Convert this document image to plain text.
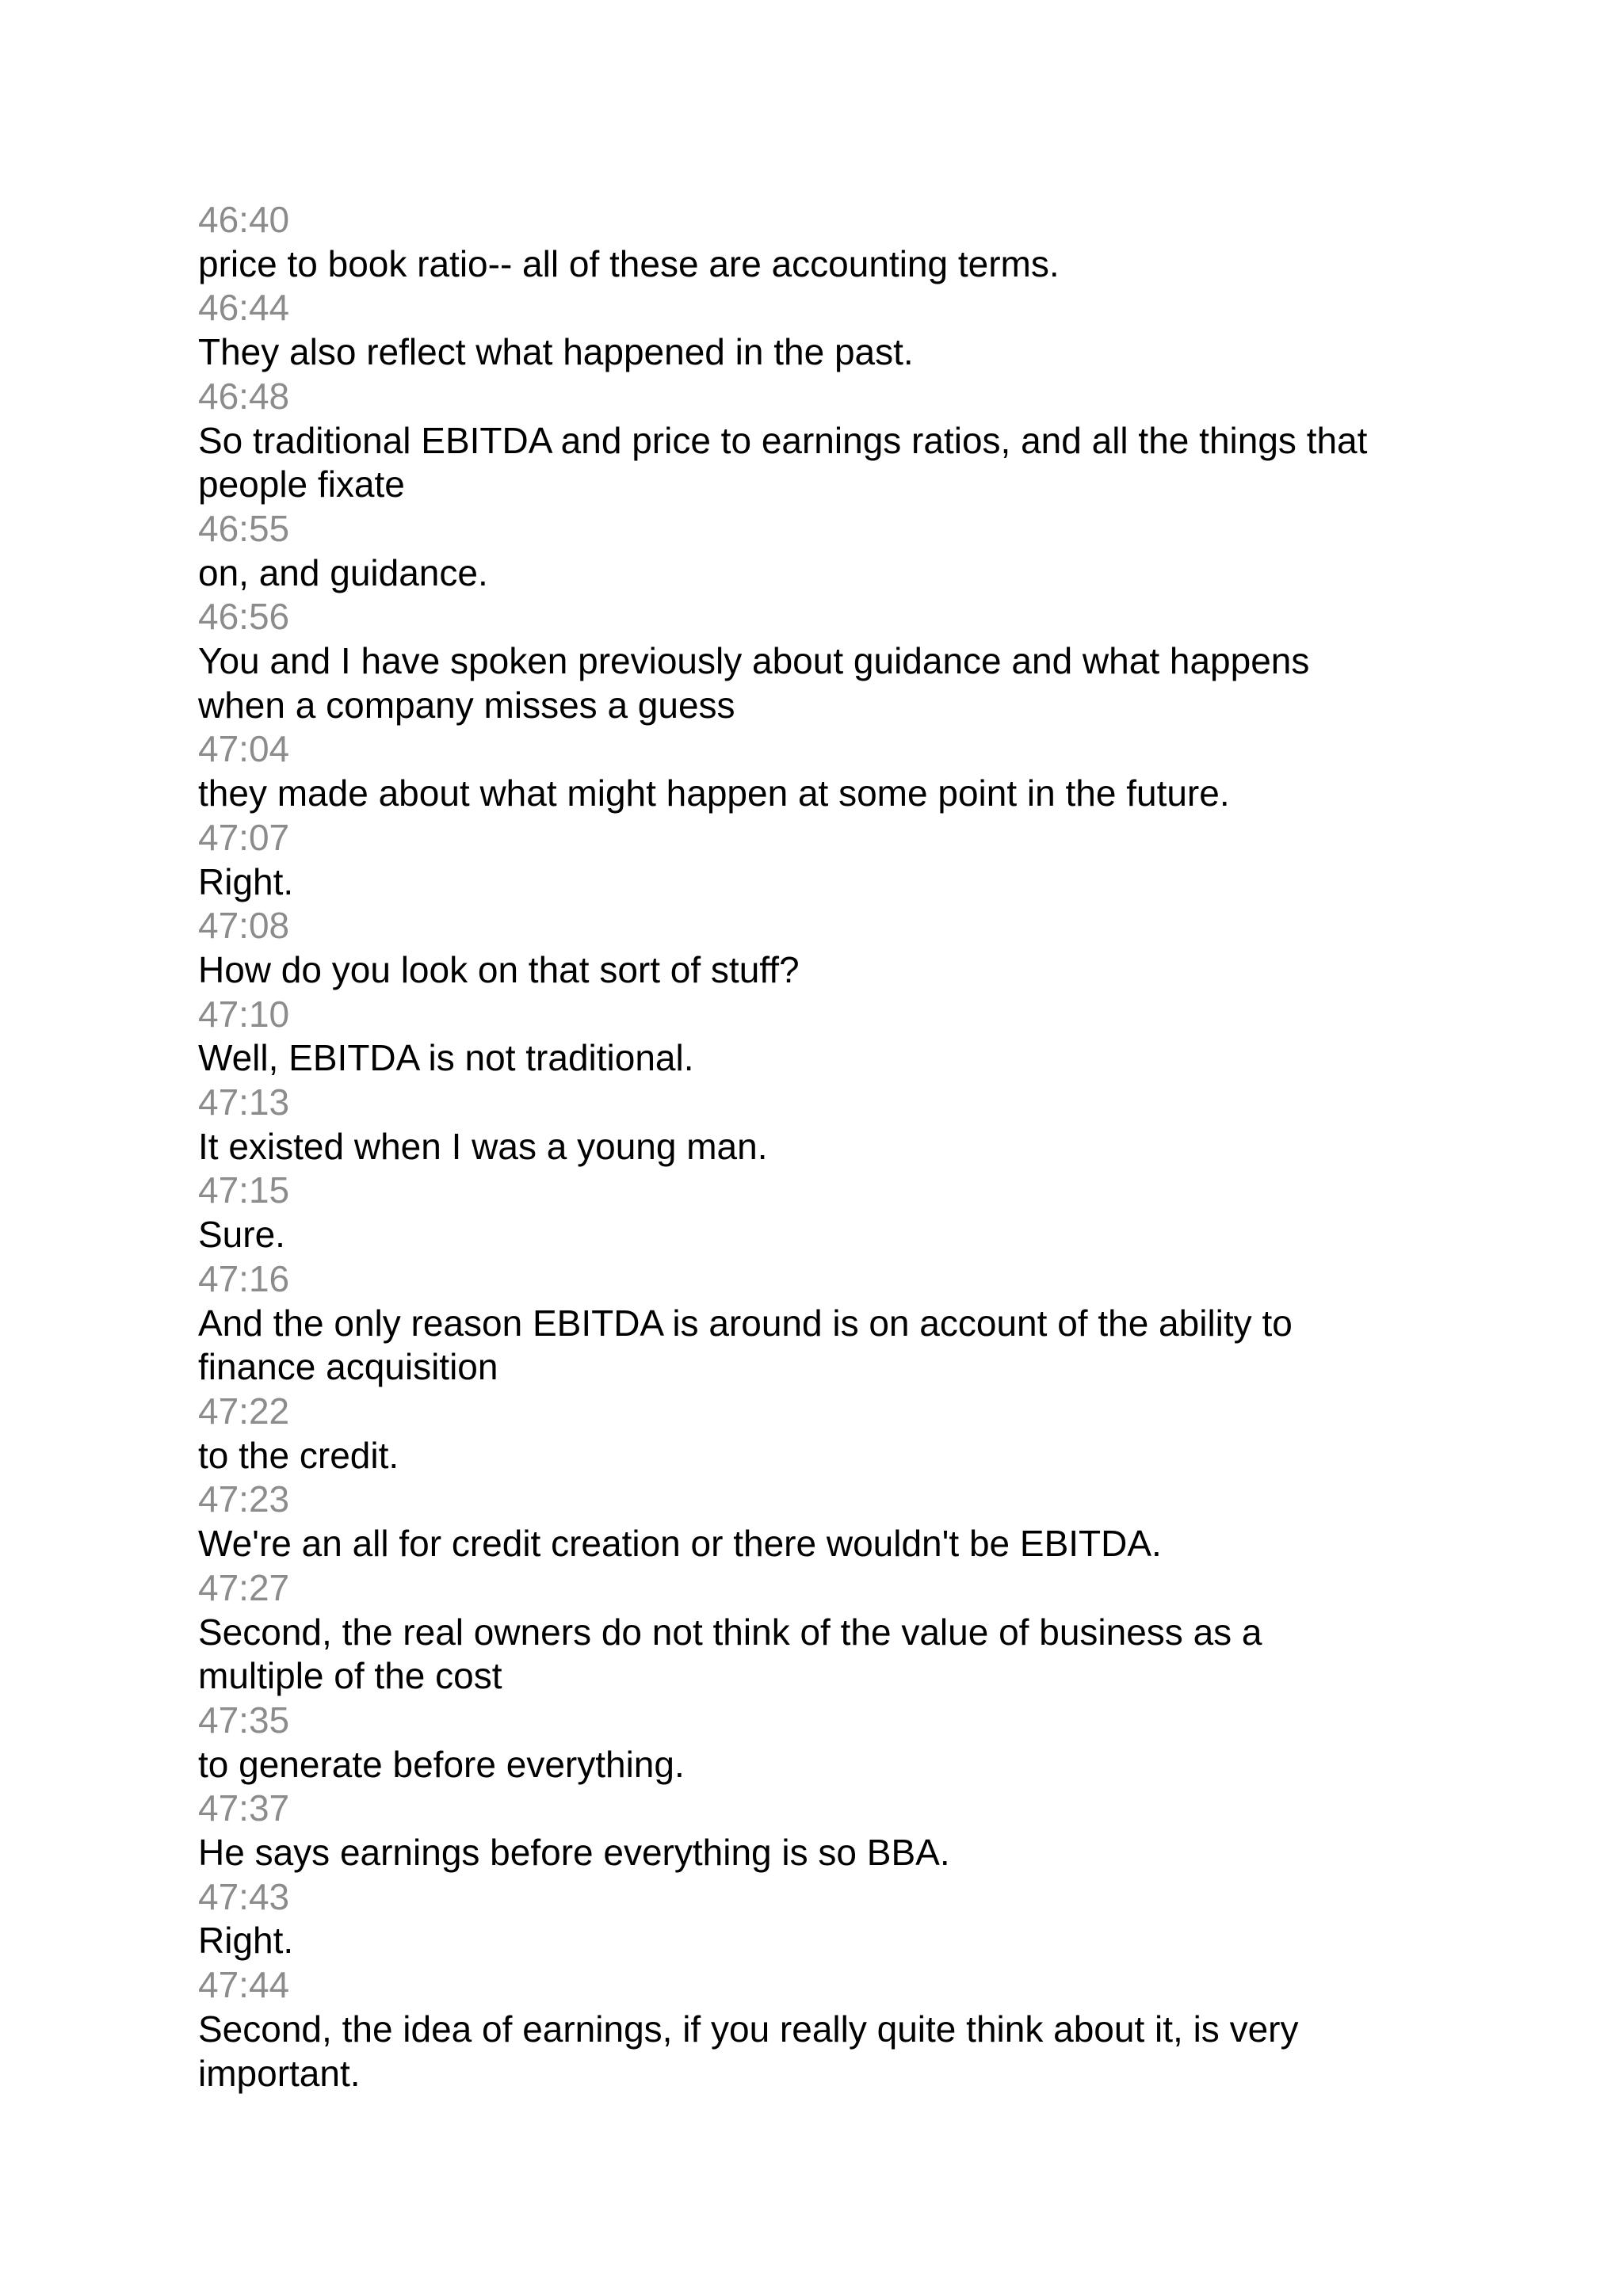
46:40
price to book ratio-- all of these are accounting terms.
46:44
They also reflect what happened in the past.
46:48
So traditional EBITDA and price to earnings ratios, and all the things that
people fixate
46:55
on, and guidance.
46:56
You and I have spoken previously about guidance and what happens
when a company misses a guess
47:04
they made about what might happen at some point in the future.
47:07
Right.
47:08
How do you look on that sort of stuff?
47:10
Well, EBITDA is not traditional.
47:13
It existed when I was a young man.
47:15
Sure.
47:16
And the only reason EBITDA is around is on account of the ability to
finance acquisition
47:22
to the credit.
47:23
We're an all for credit creation or there wouldn't be EBITDA.
47:27
Second, the real owners do not think of the value of business as a
multiple of the cost
47:35
to generate before everything.
47:37
He says earnings before everything is so BBA.
47:43
Right.
47:44
Second, the idea of earnings, if you really quite think about it, is very
important.
